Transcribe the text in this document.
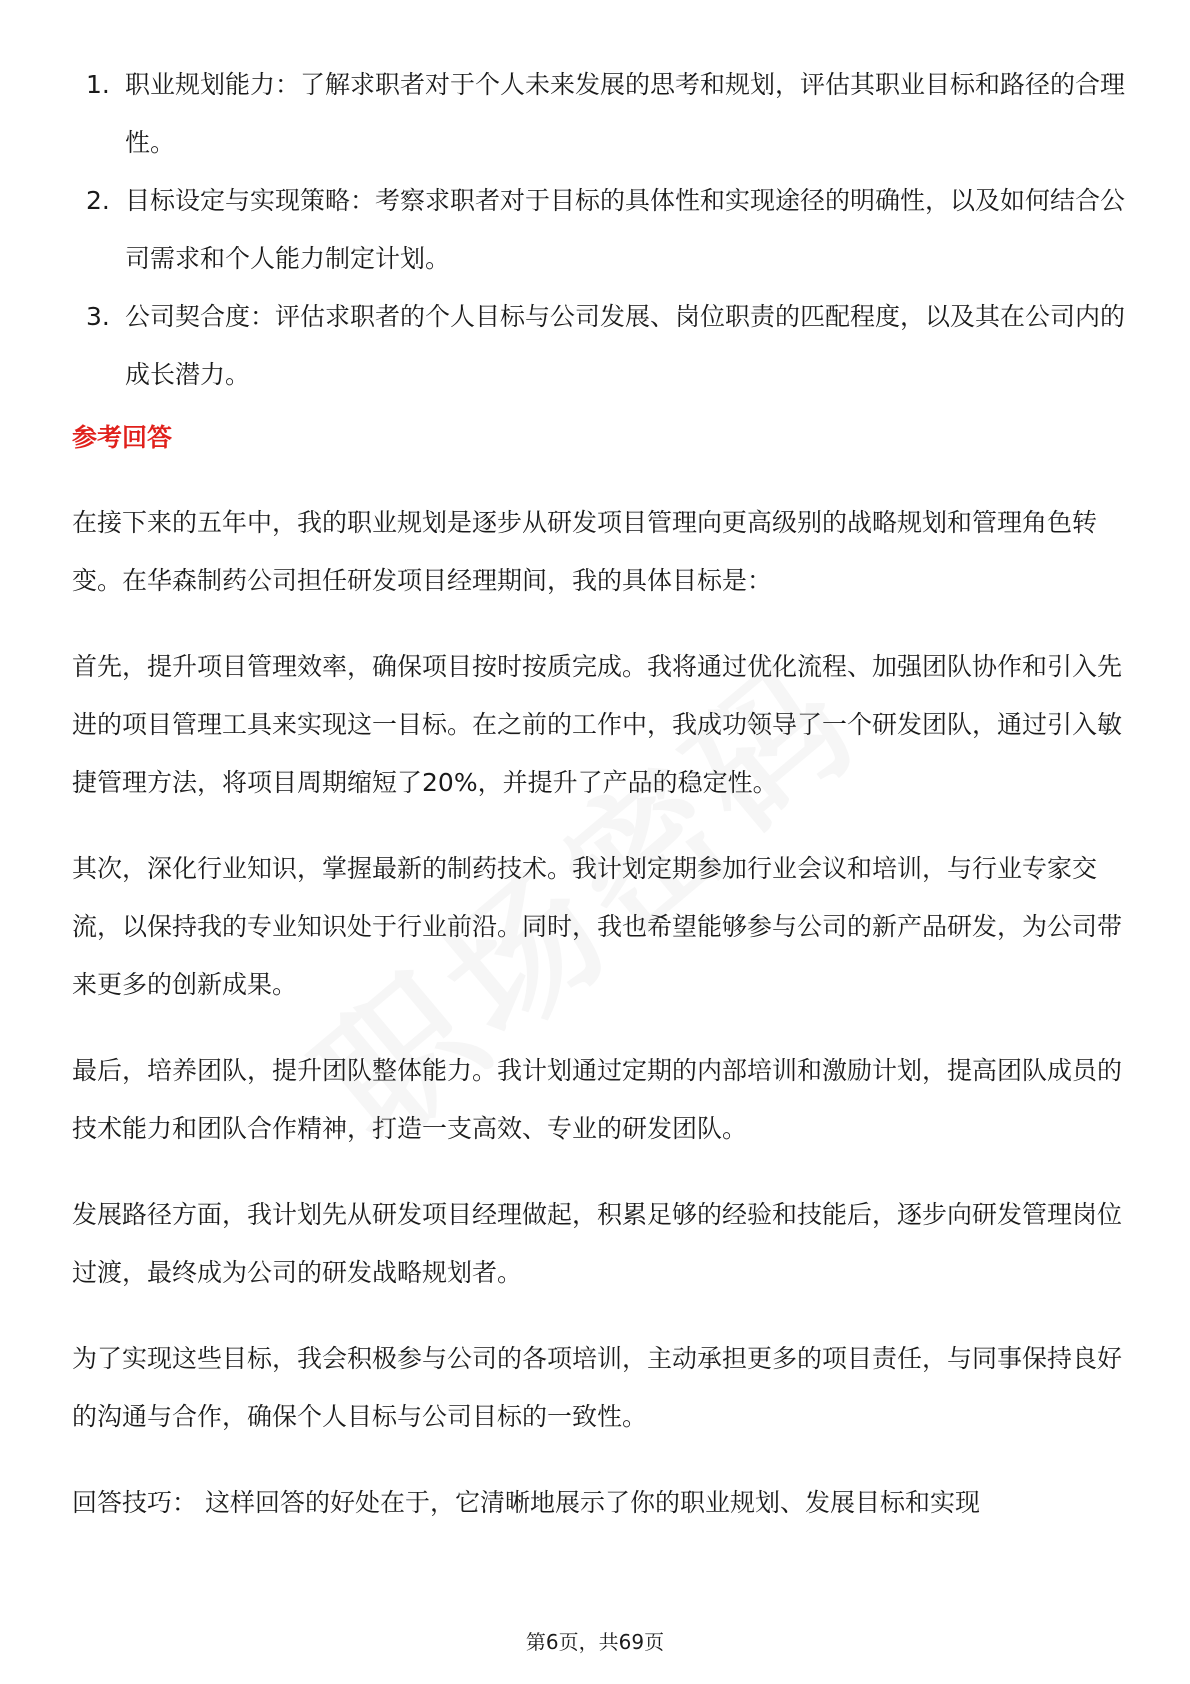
1. 职业规划能力：了解求职者对于个人未来发展的思考和规划，评估其职业目标和路径的合理性。
2. 目标设定与实现策略：考察求职者对于目标的具体性和实现途径的明确性，以及如何结合公司需求和个人能力制定计划。
3. 公司契合度：评估求职者的个人目标与公司发展、岗位职责的匹配程度，以及其在公司内的成长潜力。
参考回答

在接下来的五年中，我的职业规划是逐步从研发项目管理向更高级别的战略规划和管理角色转变。在华森制药公司担任研发项目经理期间，我的具体目标是：

首先，提升项目管理效率，确保项目按时按质完成。我将通过优化流程、加强团队协作和引入先进的项目管理工具来实现这一目标。在之前的工作中，我成功领导了一个研发团队，通过引入敏捷管理方法，将项目周期缩短了20%，并提升了产品的稳定性。

其次，深化行业知识，掌握最新的制药技术。我计划定期参加行业会议和培训，与行业专家交流，以保持我的专业知识处于行业前沿。同时，我也希望能够参与公司的新产品研发，为公司带来更多的创新成果。

最后，培养团队，提升团队整体能力。我计划通过定期的内部培训和激励计划，提高团队成员的技术能力和团队合作精神，打造一支高效、专业的研发团队。

发展路径方面，我计划先从研发项目经理做起，积累足够的经验和技能后，逐步向研发管理岗位过渡，最终成为公司的研发战略规划者。

为了实现这些目标，我会积极参与公司的各项培训，主动承担更多的项目责任，与同事保持良好的沟通与合作，确保个人目标与公司目标的一致性。

回答技巧： 这样回答的好处在于，它清晰地展示了你的职业规划、发展目标和实现

第6页，共69页
